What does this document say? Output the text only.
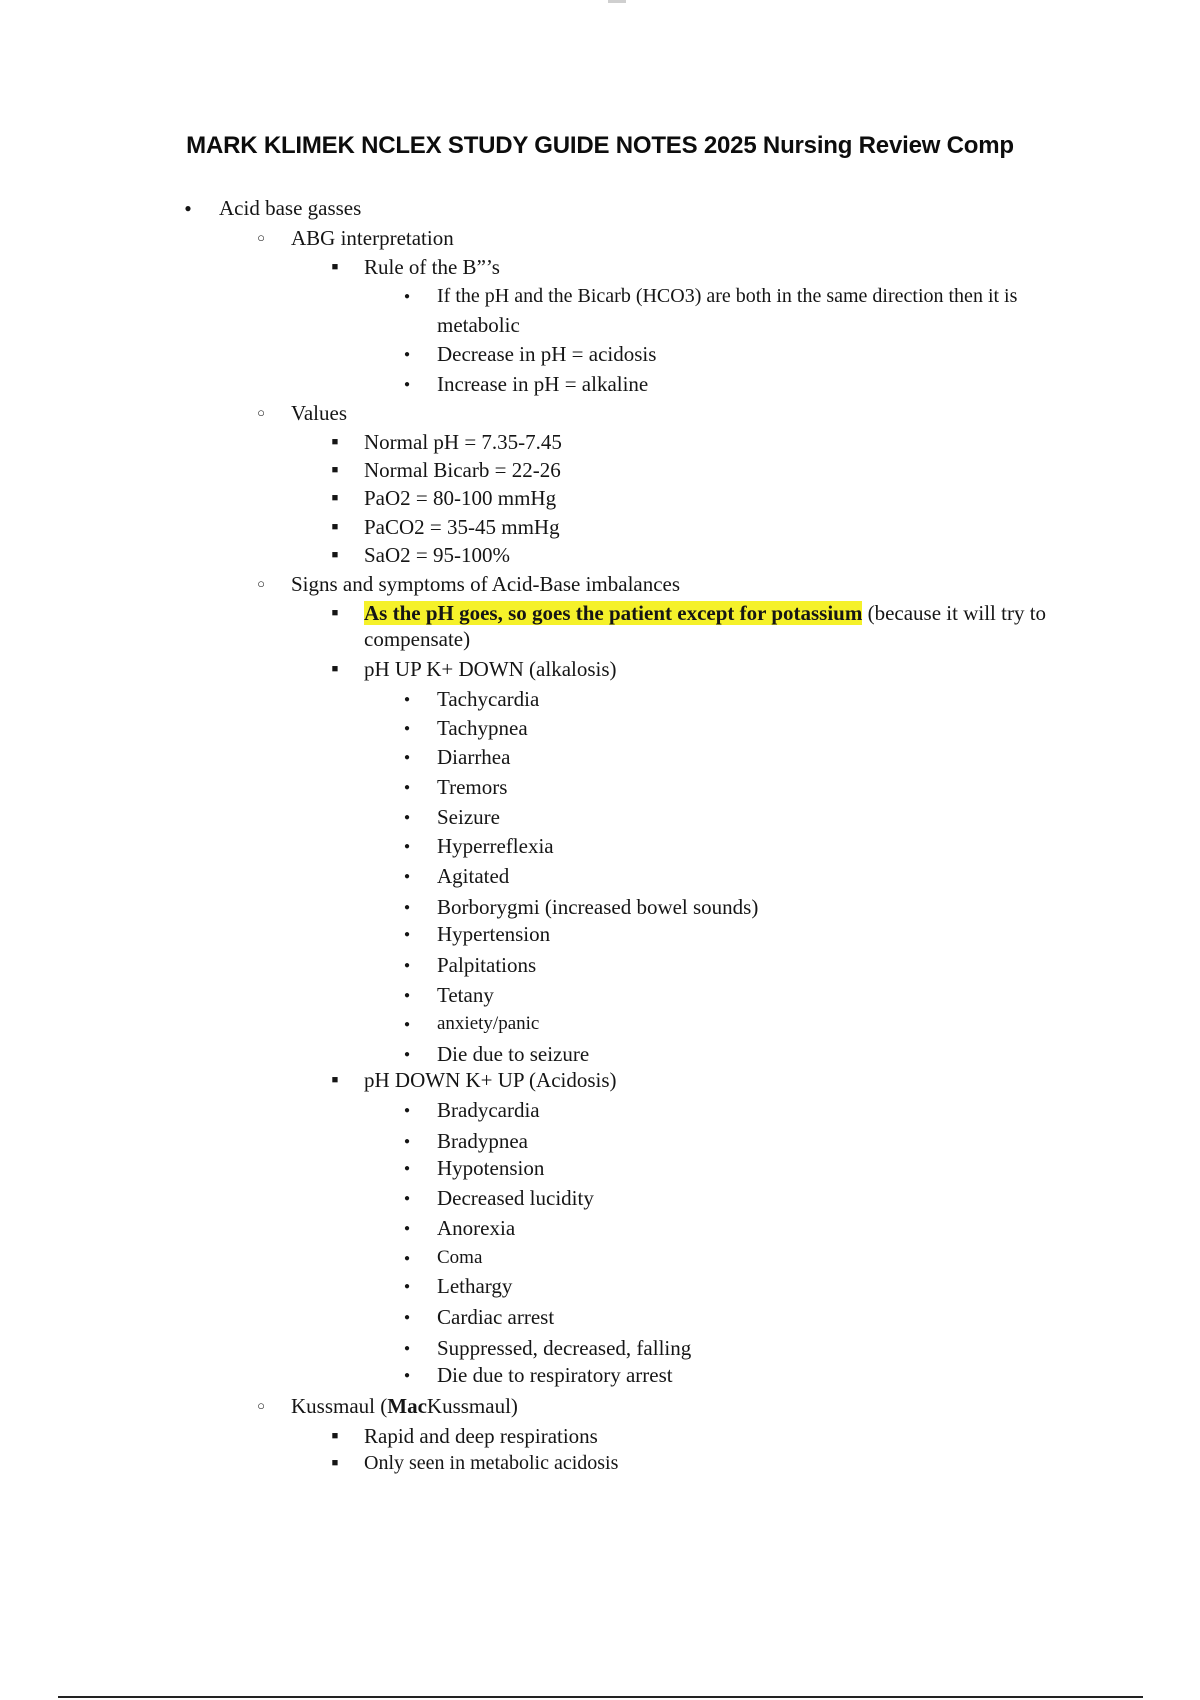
MARK KLIMEK NCLEX STUDY GUIDE NOTES 2025 Nursing Review Comp
●
Acid base gasses
○
ABG interpretation
■
Rule of the B”’s
●
If the pH and the Bicarb (HCO3) are both in the same direction then it is
metabolic
●
Decrease in pH = acidosis
●
Increase in pH = alkaline
○
Values
■
Normal pH = 7.35-7.45
■
Normal Bicarb = 22-26
■
PaO2 = 80-100 mmHg
■
PaCO2 = 35-45 mmHg
■
SaO2 = 95-100%
○
Signs and symptoms of Acid-Base imbalances
■
As the pH goes, so goes the patient except for potassium (because it will try to
compensate)
■
pH UP K+ DOWN (alkalosis)
●
Tachycardia
●
Tachypnea
●
Diarrhea
●
Tremors
●
Seizure
●
Hyperreflexia
●
Agitated
●
Borborygmi (increased bowel sounds)
●
Hypertension
●
Palpitations
●
Tetany
●
anxiety/panic
●
Die due to seizure
■
pH DOWN K+ UP (Acidosis)
●
Bradycardia
●
Bradypnea
●
Hypotension
●
Decreased lucidity
●
Anorexia
●
Coma
●
Lethargy
●
Cardiac arrest
●
Suppressed, decreased, falling
●
Die due to respiratory arrest
○
Kussmaul (MacKussmaul)
■
Rapid and deep respirations
■
Only seen in metabolic acidosis
